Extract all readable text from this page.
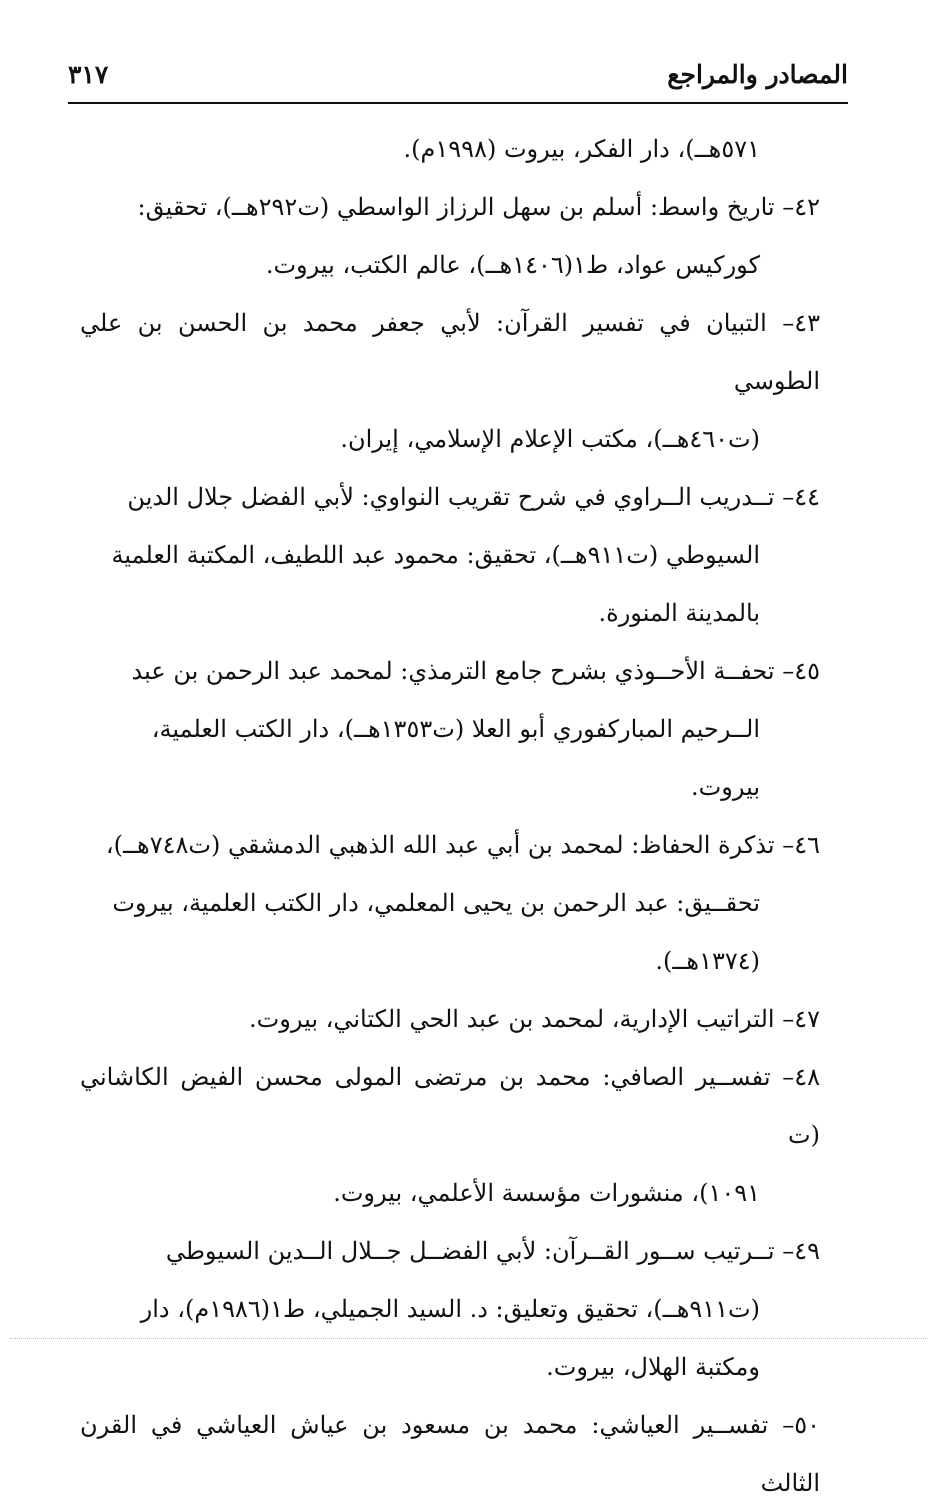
المصادر والمراجع
٣١٧
٥٧١هــ)، دار الفكر، بيروت (١٩٩٨م).
٤٢– تاريخ واسط: أسلم بن سهل الرزاز الواسطي (ت٢٩٢هــ)، تحقيق:
كوركيس عواد، ط١(١٤٠٦هــ)، عالم الكتب، بيروت.
٤٣– التبيان في تفسير القرآن: لأبي جعفر محمد بن الحسن بن علي الطوسي
(ت٤٦٠هــ)، مكتب الإعلام الإسلامي، إيران.
٤٤– تــدريب الــراوي في شرح تقريب النواوي: لأبي الفضل جلال الدين
السيوطي (ت٩١١هــ)، تحقيق: محمود عبد اللطيف، المكتبة العلمية
بالمدينة المنورة.
٤٥– تحفــة الأحــوذي بشرح جامع الترمذي: لمحمد عبد الرحمن بن عبد
الــرحيم المباركفوري أبو العلا (ت١٣٥٣هــ)، دار الكتب العلمية،
بيروت.
٤٦– تذكرة الحفاظ: لمحمد بن أبي عبد الله الذهبي الدمشقي (ت٧٤٨هــ)،
تحقــيق: عبد الرحمن بن يحيى المعلمي، دار الكتب العلمية، بيروت
(١٣٧٤هــ).
٤٧– التراتيب الإدارية، لمحمد بن عبد الحي الكتاني، بيروت.
٤٨– تفســير الصافي: محمد بن مرتضى المولى محسن الفيض الكاشاني (ت
١٠٩١)، منشورات مؤسسة الأعلمي، بيروت.
٤٩– تــرتيب ســور القــرآن: لأبي الفضــل جــلال الــدين السيوطي
(ت٩١١هــ)، تحقيق وتعليق: د. السيد الجميلي، ط١(١٩٨٦م)، دار
ومكتبة الهلال، بيروت.
٥٠– تفســير العياشي: محمد بن مسعود بن عياش العياشي في القرن الثالث
